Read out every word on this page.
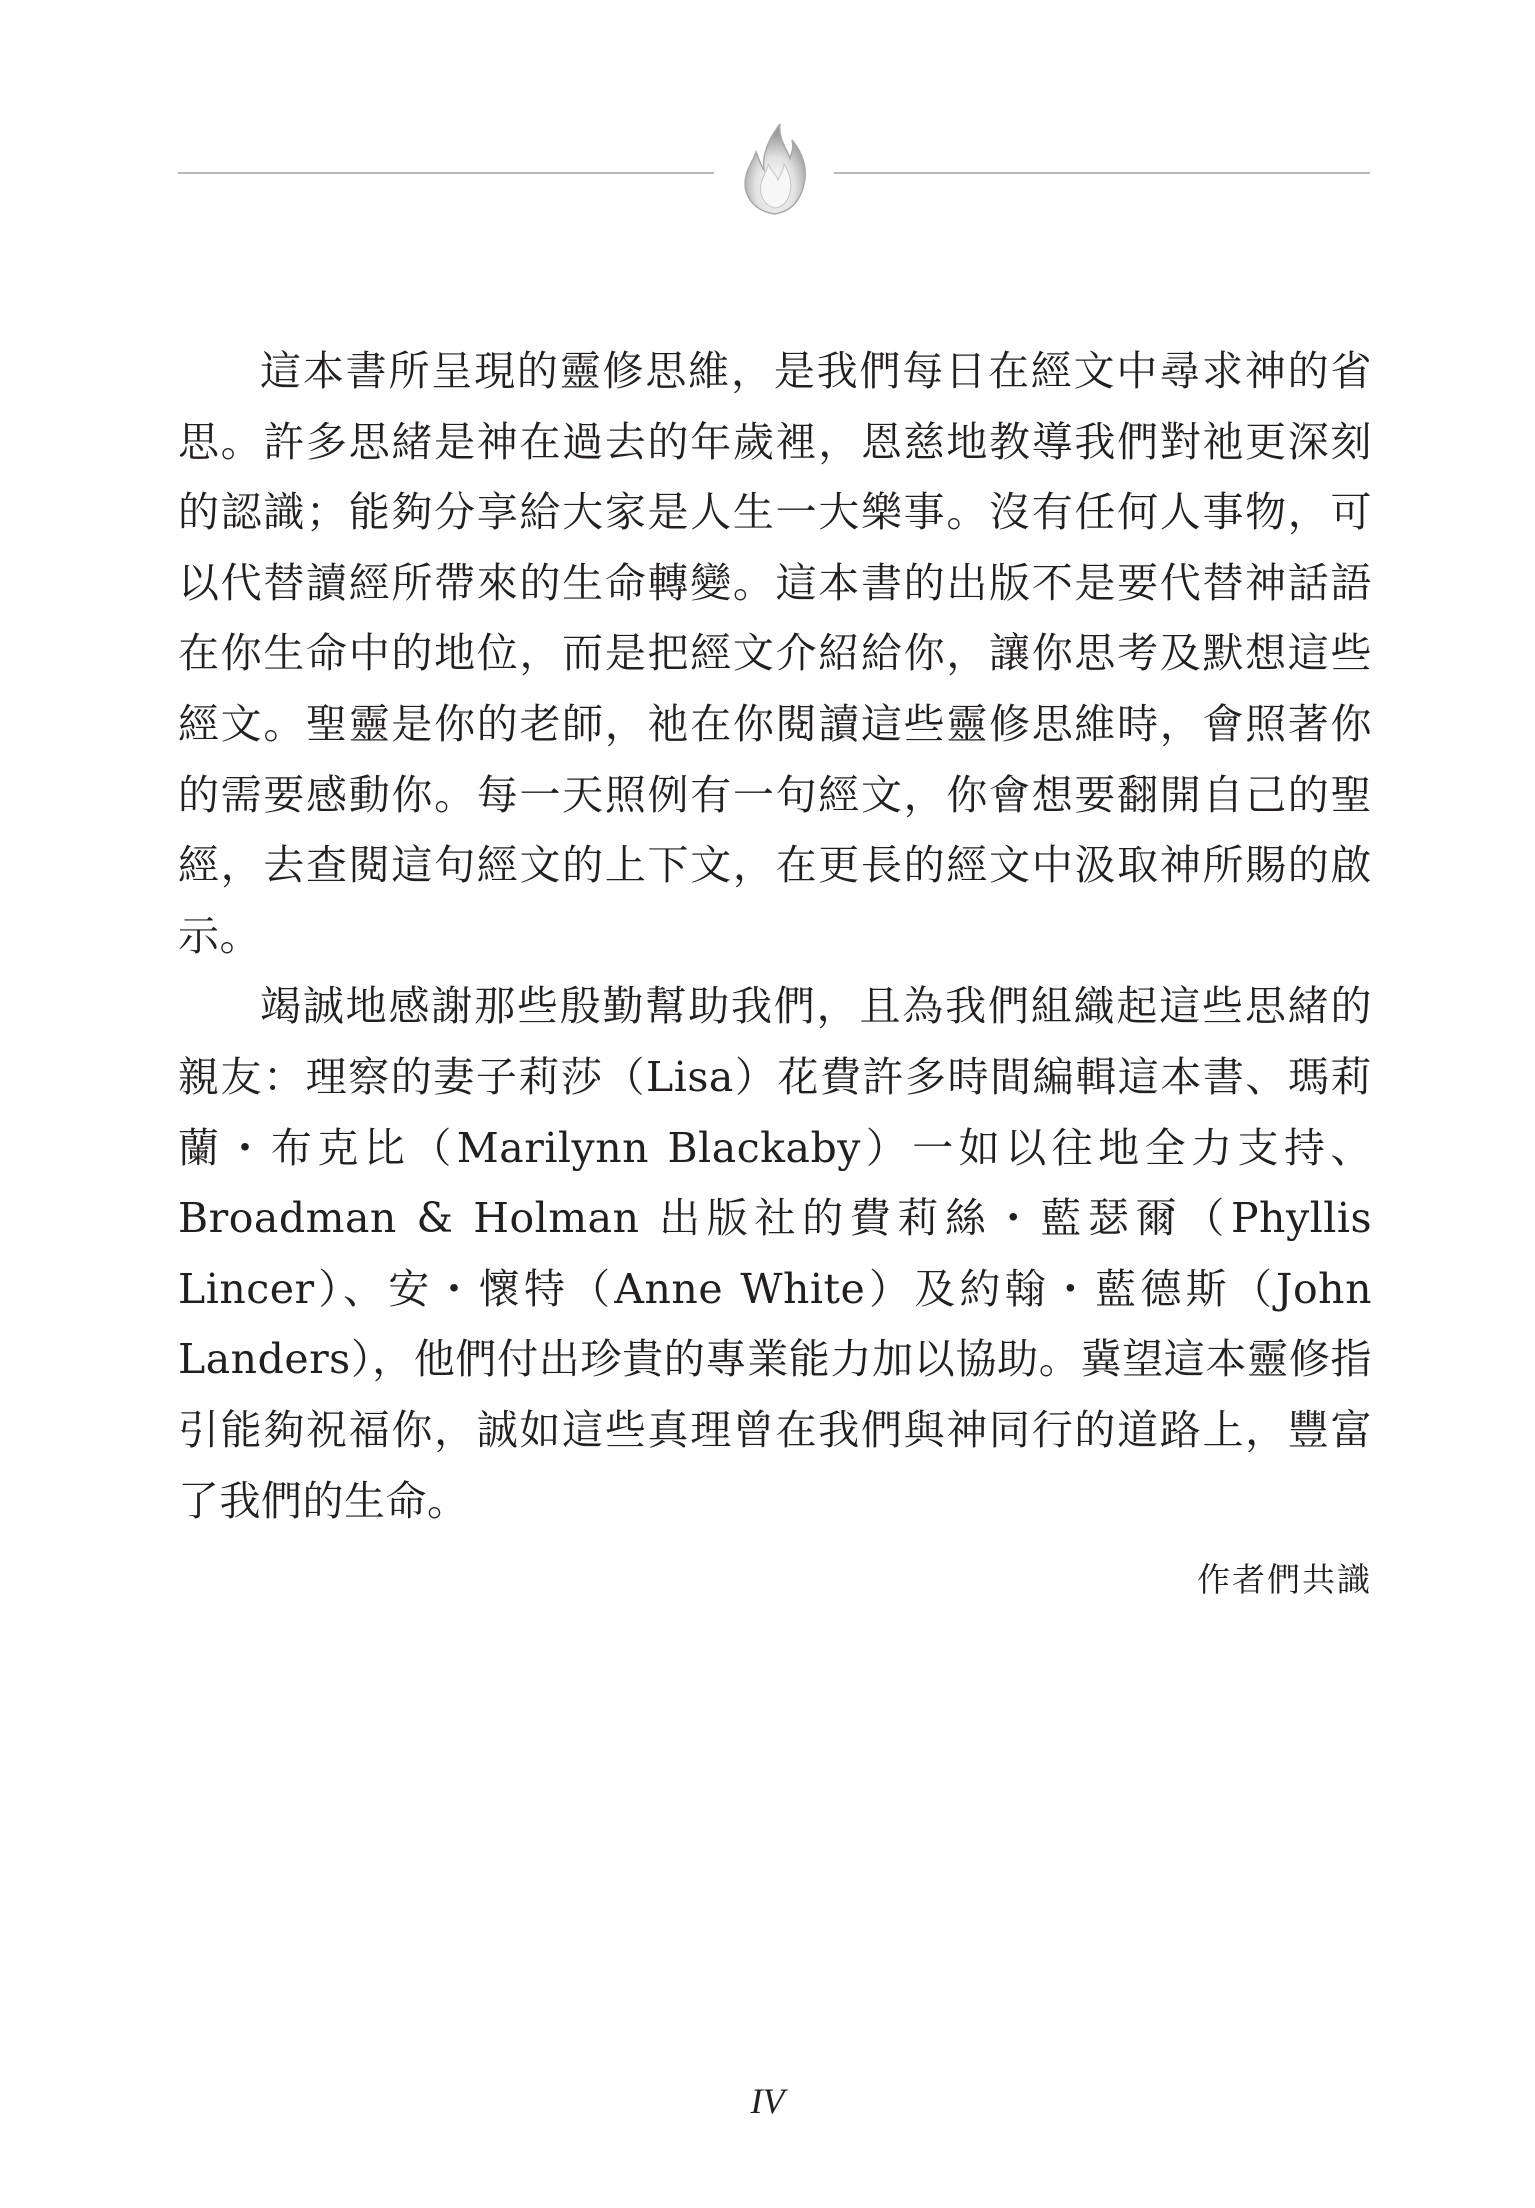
這本書所呈現的靈修思維，是我們每日在經文中尋求神的省思。許多思緒是神在過去的年歲裡，恩慈地教導我們對祂更深刻的認識；能夠分享給大家是人生一大樂事。沒有任何人事物，可以代替讀經所帶來的生命轉變。這本書的出版不是要代替神話語在你生命中的地位，而是把經文介紹給你，讓你思考及默想這些經文。聖靈是你的老師，祂在你閱讀這些靈修思維時，會照著你的需要感動你。每一天照例有一句經文，你會想要翻開自己的聖經，去查閱這句經文的上下文，在更長的經文中汲取神所賜的啟示。

竭誠地感謝那些殷勤幫助我們，且為我們組織起這些思緒的親友：理察的妻子莉莎（Lisa）花費許多時間編輯這本書、瑪莉蘭・布克比（Marilynn Blackaby）一如以往地全力支持、Broadman & Holman 出版社的費莉絲・藍瑟爾（Phyllis Lincer）、安・懷特（Anne White）及約翰・藍德斯（John Landers），他們付出珍貴的專業能力加以協助。冀望這本靈修指引能夠祝福你，誠如這些真理曾在我們與神同行的道路上，豐富了我們的生命。

作者們共識
IV
